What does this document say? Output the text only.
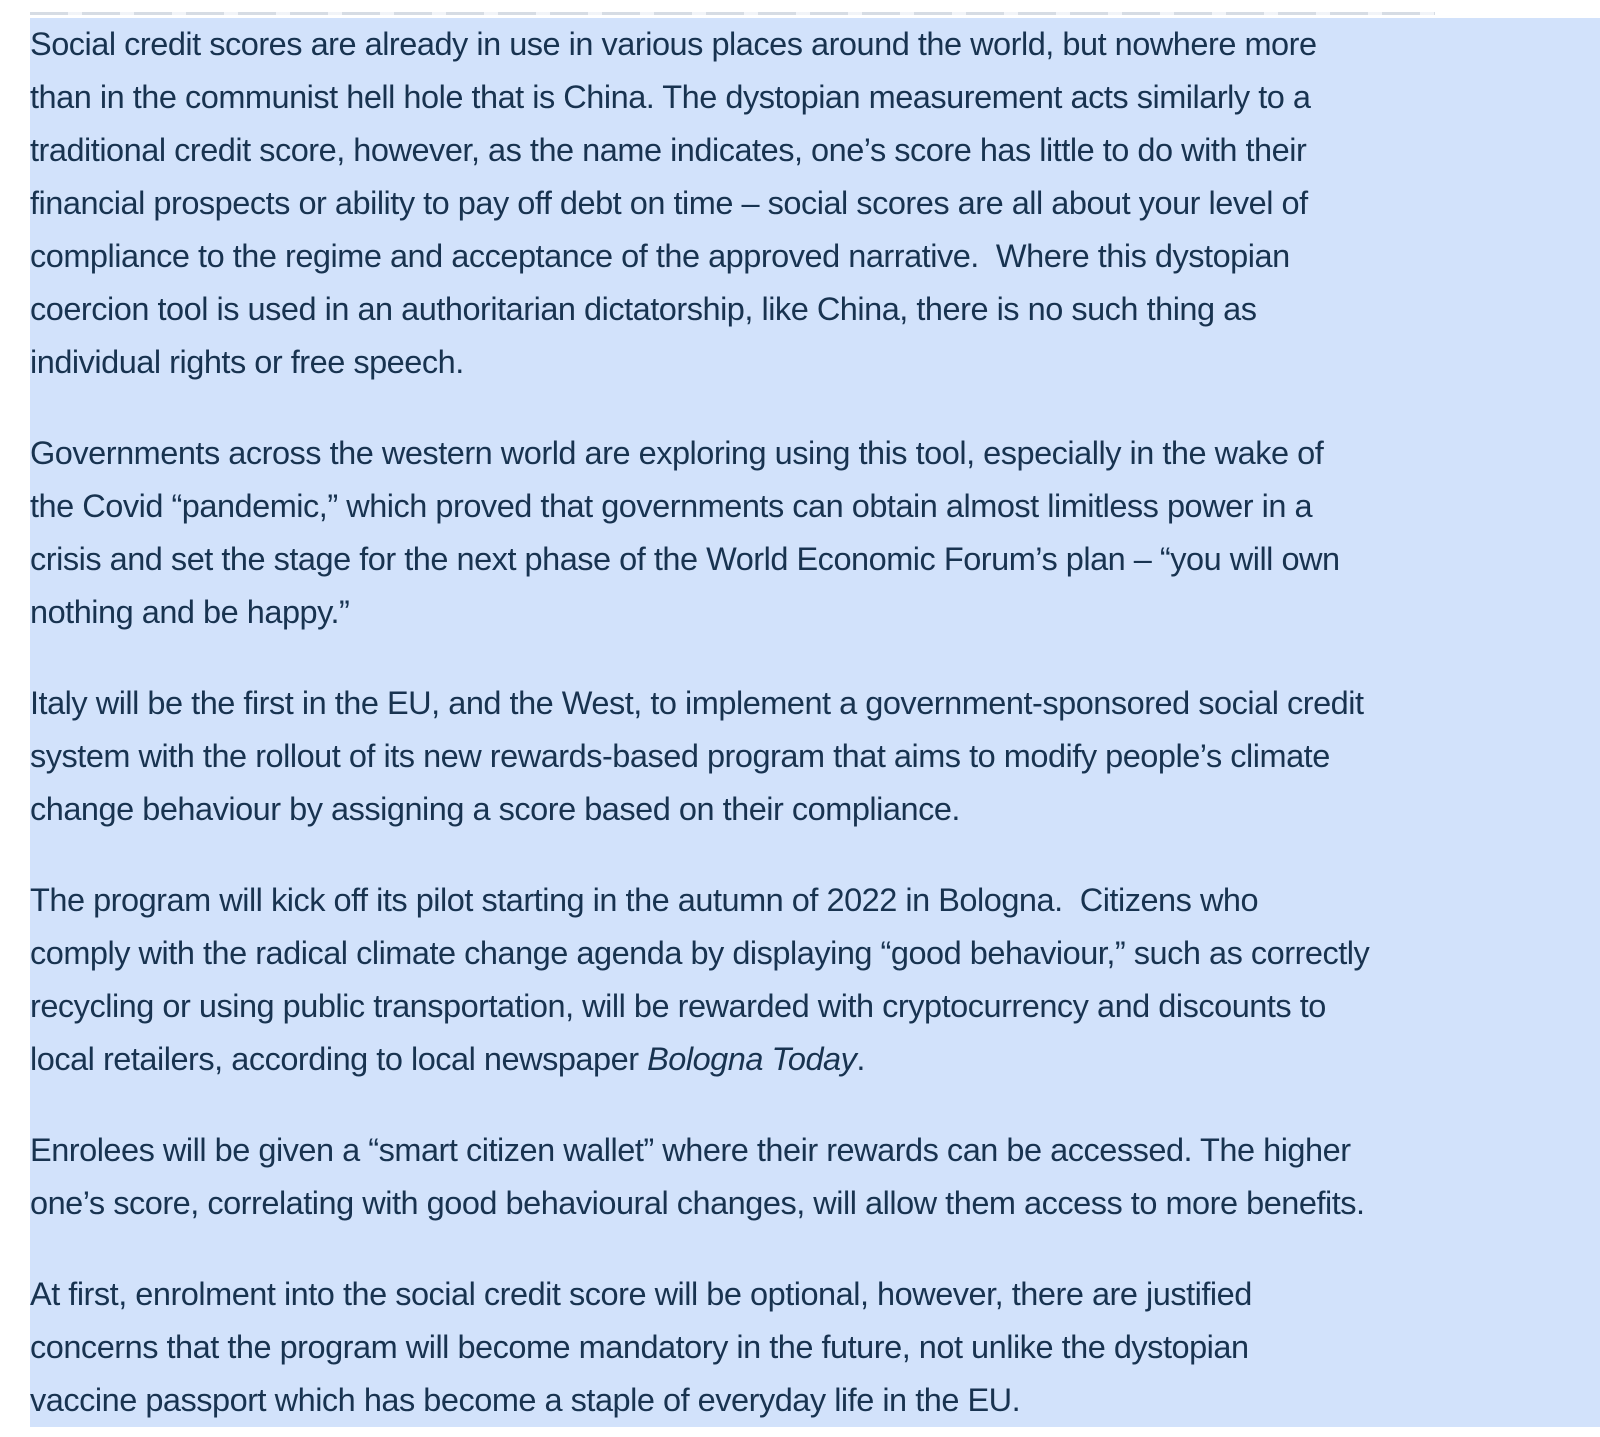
Social credit scores are already in use in various places around the world, but nowhere more
than in the communist hell hole that is China. The dystopian measurement acts similarly to a
traditional credit score, however, as the name indicates, one’s score has little to do with their
financial prospects or ability to pay off debt on time – social scores are all about your level of
compliance to the regime and acceptance of the approved narrative.  Where this dystopian
coercion tool is used in an authoritarian dictatorship, like China, there is no such thing as
individual rights or free speech.
Governments across the western world are exploring using this tool, especially in the wake of
the Covid “pandemic,” which proved that governments can obtain almost limitless power in a
crisis and set the stage for the next phase of the World Economic Forum’s plan – “you will own
nothing and be happy.”
Italy will be the first in the EU, and the West, to implement a government-sponsored social credit
system with the rollout of its new rewards-based program that aims to modify people’s climate
change behaviour by assigning a score based on their compliance.
The program will kick off its pilot starting in the autumn of 2022 in Bologna.  Citizens who
comply with the radical climate change agenda by displaying “good behaviour,” such as correctly
recycling or using public transportation, will be rewarded with cryptocurrency and discounts to
local retailers, according to local newspaper Bologna Today.
Enrolees will be given a “smart citizen wallet” where their rewards can be accessed. The higher
one’s score, correlating with good behavioural changes, will allow them access to more benefits.
At first, enrolment into the social credit score will be optional, however, there are justified
concerns that the program will become mandatory in the future, not unlike the dystopian
vaccine passport which has become a staple of everyday life in the EU.
